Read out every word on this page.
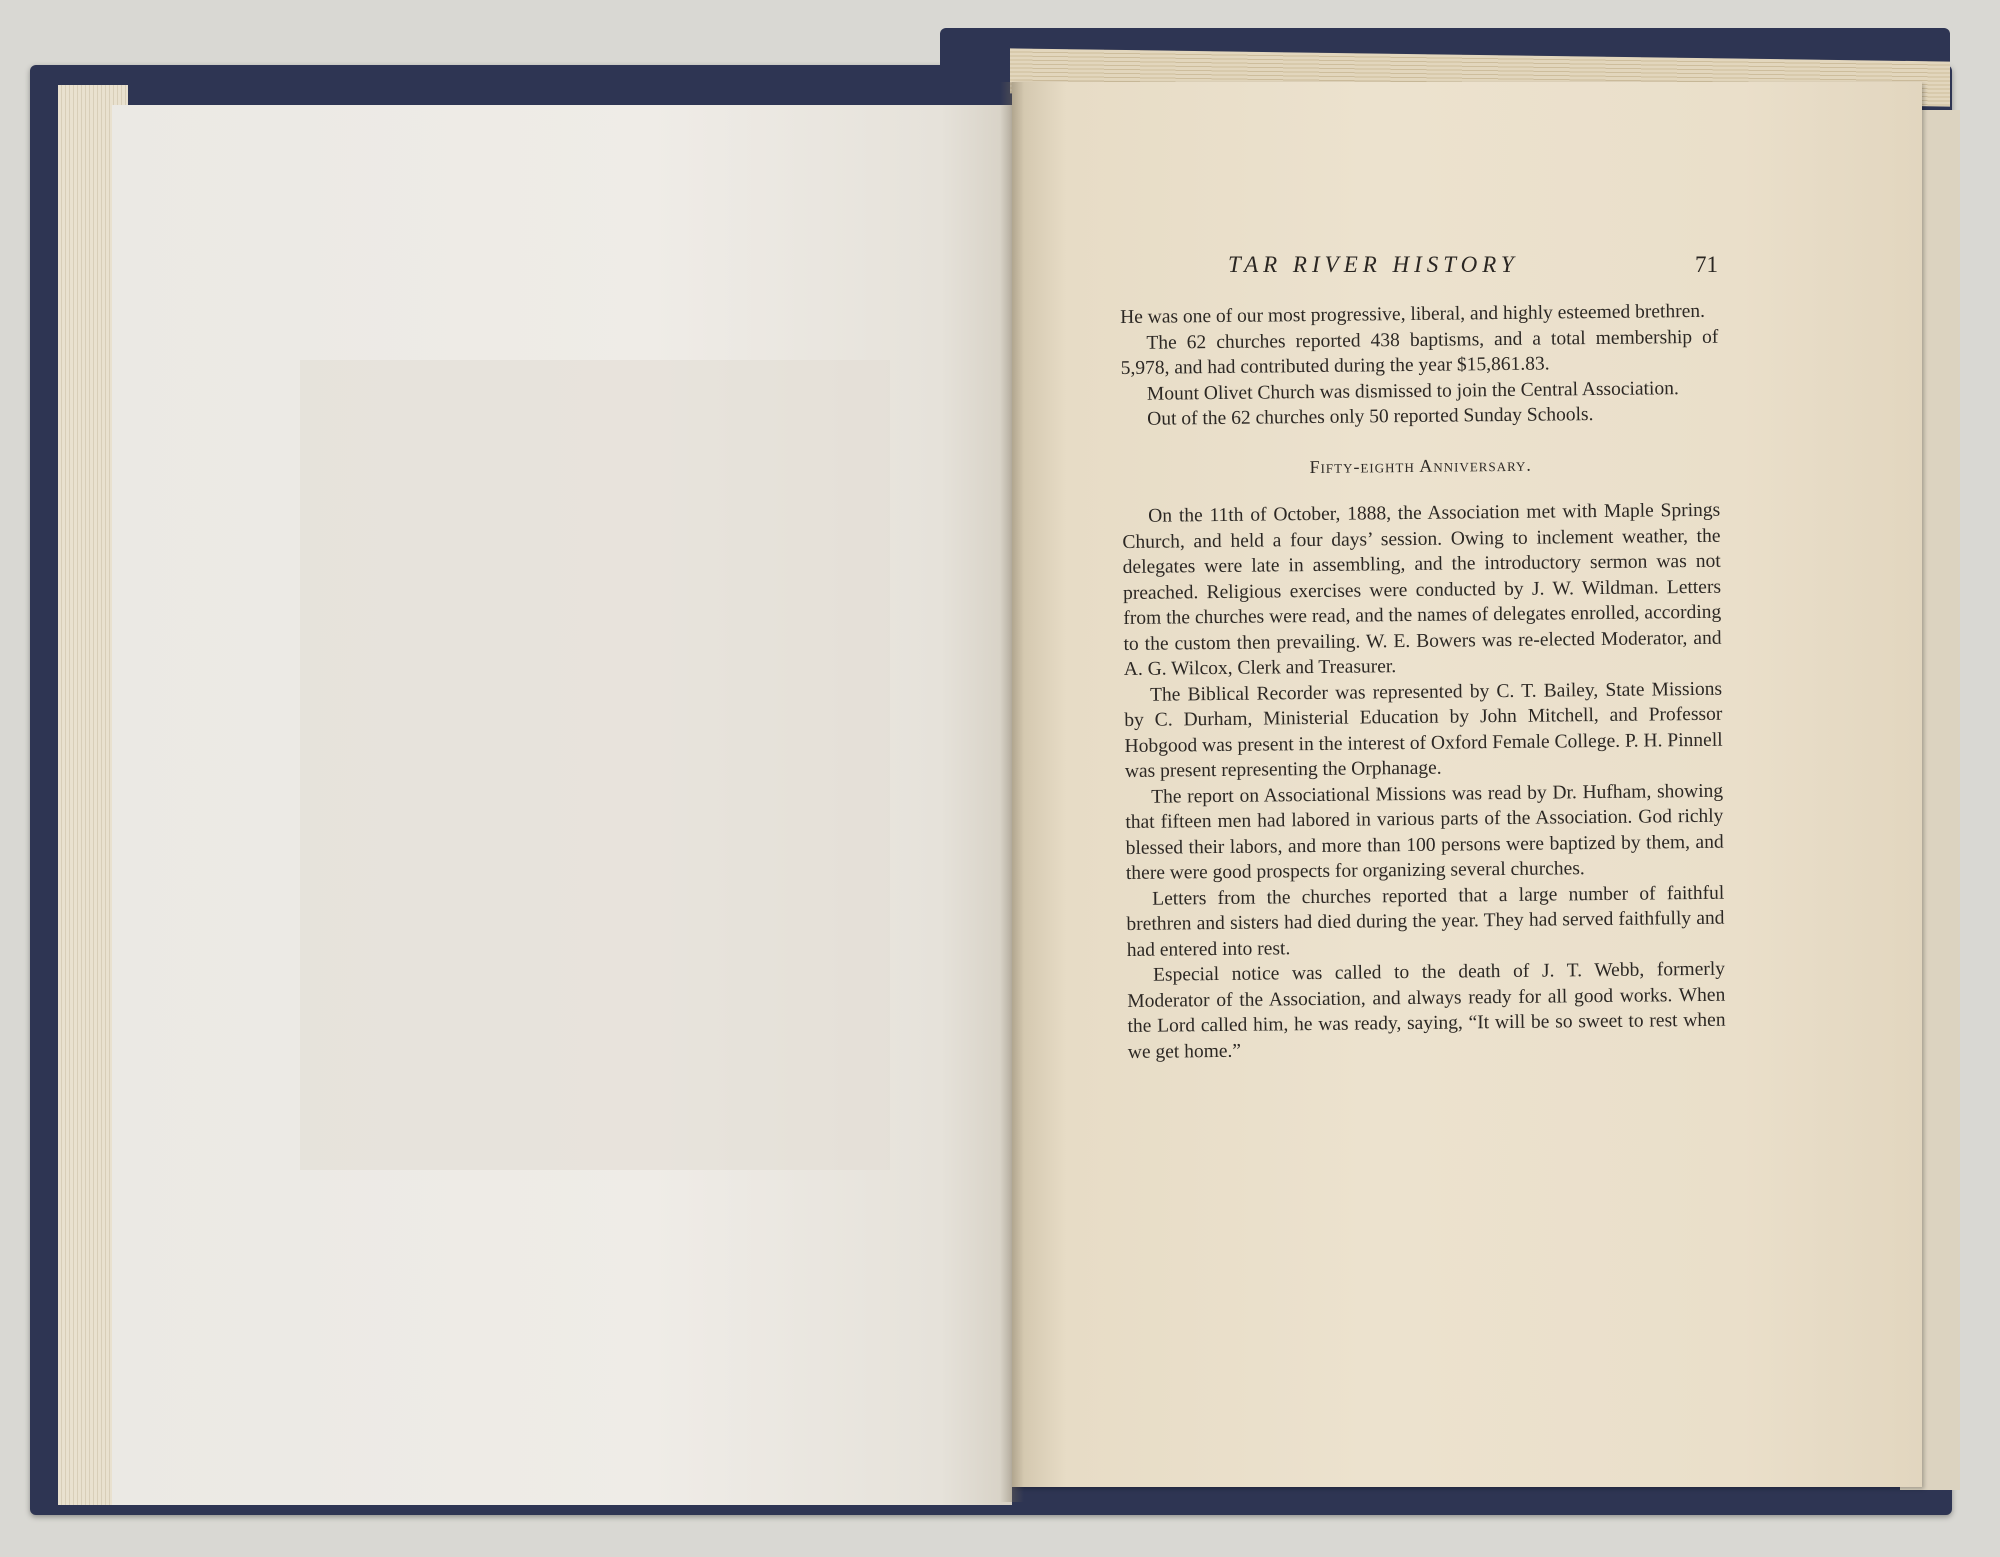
TAR RIVER HISTORY	71

He was one of our most progressive, liberal, and highly esteemed brethren.

The 62 churches reported 438 baptisms, and a total membership of 5,978, and had contributed during the year $15,861.83.

Mount Olivet Church was dismissed to join the Central Association.

Out of the 62 churches only 50 reported Sunday Schools.

Fifty-eighth Anniversary.

On the 11th of October, 1888, the Association met with Maple Springs Church, and held a four days’ session. Owing to inclement weather, the delegates were late in assembling, and the introductory sermon was not preached. Religious exercises were conducted by J. W. Wildman. Letters from the churches were read, and the names of delegates enrolled, according to the custom then prevailing. W. E. Bowers was re-elected Moderator, and A. G. Wilcox, Clerk and Treasurer.

The Biblical Recorder was represented by C. T. Bailey, State Missions by C. Durham, Ministerial Education by John Mitchell, and Professor Hobgood was present in the interest of Oxford Female College. P. H. Pinnell was present representing the Orphanage.

The report on Associational Missions was read by Dr. Hufham, showing that fifteen men had labored in various parts of the Association. God richly blessed their labors, and more than 100 persons were baptized by them, and there were good prospects for organizing several churches.

Letters from the churches reported that a large number of faithful brethren and sisters had died during the year. They had served faithfully and had entered into rest.

Especial notice was called to the death of J. T. Webb, formerly Moderator of the Association, and always ready for all good works. When the Lord called him, he was ready, saying, “It will be so sweet to rest when we get home.”
